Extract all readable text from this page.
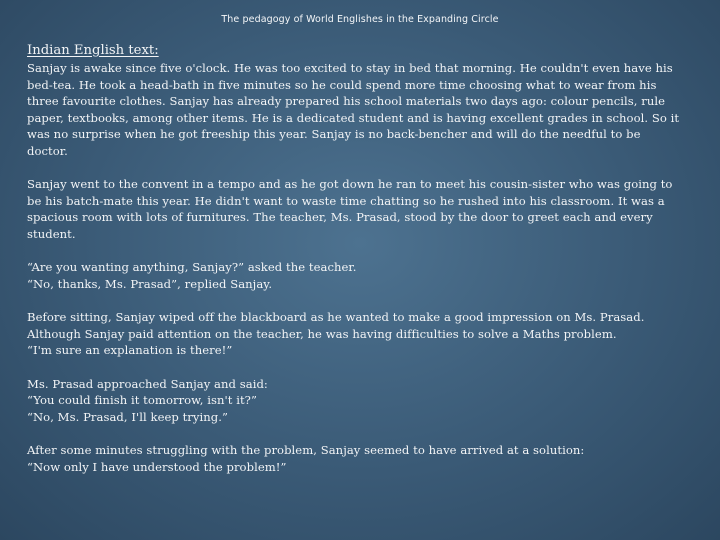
The pedagogy of World Englishes in the Expanding Circle
Indian English text:

Sanjay is awake since five o'clock. He was too excited to stay in bed that morning. He couldn't even have his
bed-tea. He took a head-bath in five minutes so he could spend more time choosing what to wear from his
three favourite clothes. Sanjay has already prepared his school materials two days ago: colour pencils, rule
paper, textbooks, among other items. He is a dedicated student and is having excellent grades in school. So it
was no surprise when he got freeship this year. Sanjay is no back-bencher and will do the needful to be
doctor.

Sanjay went to the convent in a tempo and as he got down he ran to meet his cousin-sister who was going to
be his batch-mate this year. He didn't want to waste time chatting so he rushed into his classroom. It was a
spacious room with lots of furnitures. The teacher, Ms. Prasad, stood by the door to greet each and every
student.

“Are you wanting anything, Sanjay?” asked the teacher.
“No, thanks, Ms. Prasad”, replied Sanjay.

Before sitting, Sanjay wiped off the blackboard as he wanted to make a good impression on Ms. Prasad.
Although Sanjay paid attention on the teacher, he was having difficulties to solve a Maths problem.
“I'm sure an explanation is there!”

Ms. Prasad approached Sanjay and said:
“You could finish it tomorrow, isn't it?”
“No, Ms. Prasad, I'll keep trying.”

After some minutes struggling with the problem, Sanjay seemed to have arrived at a solution:
“Now only I have understood the problem!”
